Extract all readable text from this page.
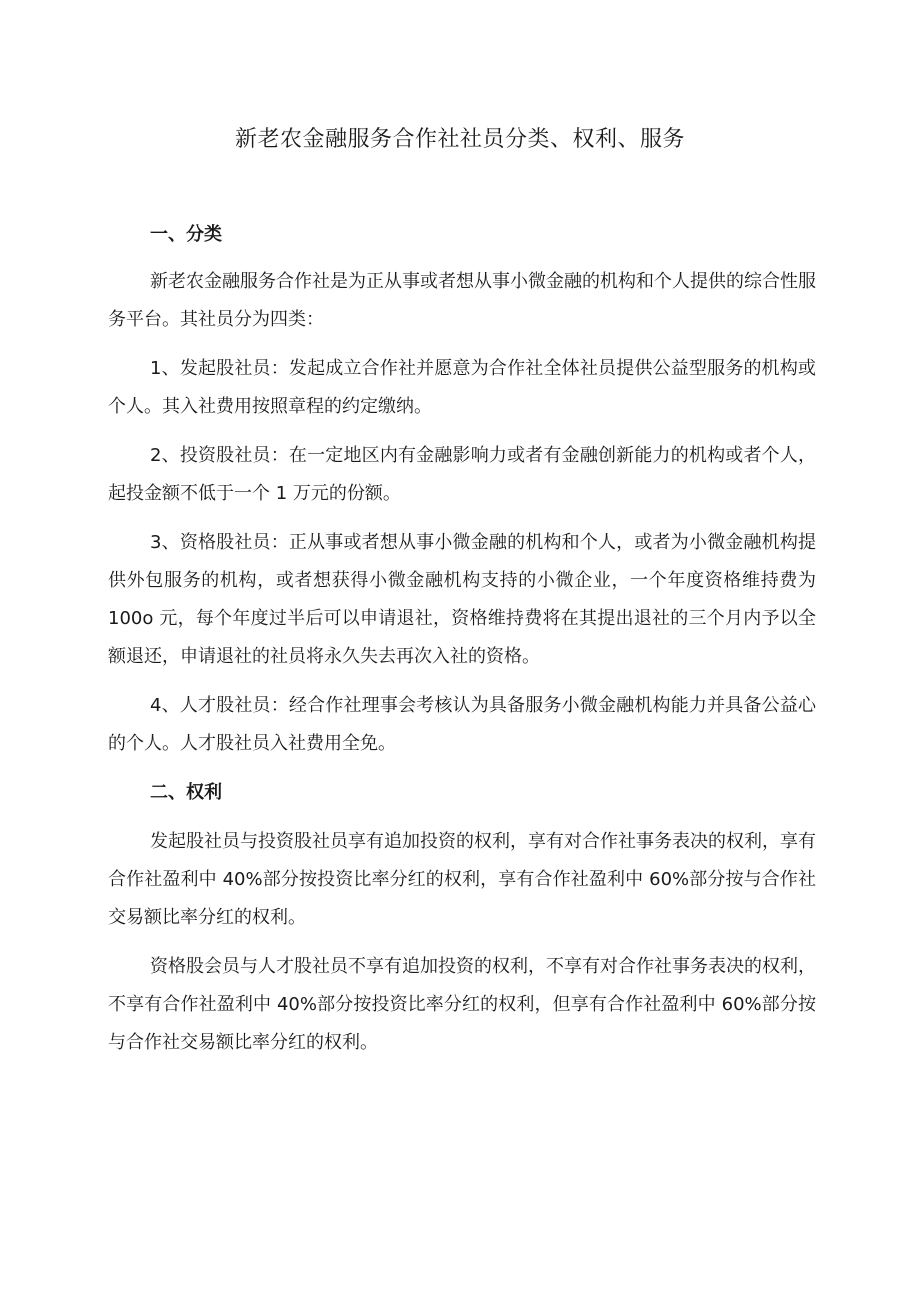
新老农金融服务合作社社员分类、权利、服务

一、分类

新老农金融服务合作社是为正从事或者想从事小微金融的机构和个人提供的综合性服务平台。其社员分为四类：

1、发起股社员：发起成立合作社并愿意为合作社全体社员提供公益型服务的机构或个人。其入社费用按照章程的约定缴纳。

2、投资股社员：在一定地区内有金融影响力或者有金融创新能力的机构或者个人，起投金额不低于一个 1 万元的份额。

3、资格股社员：正从事或者想从事小微金融的机构和个人，或者为小微金融机构提供外包服务的机构，或者想获得小微金融机构支持的小微企业，一个年度资格维持费为 100o 元，每个年度过半后可以申请退社，资格维持费将在其提出退社的三个月内予以全额退还，申请退社的社员将永久失去再次入社的资格。

4、人才股社员：经合作社理事会考核认为具备服务小微金融机构能力并具备公益心的个人。人才股社员入社费用全免。

二、权利

发起股社员与投资股社员享有追加投资的权利，享有对合作社事务表决的权利，享有合作社盈利中 40%部分按投资比率分红的权利，享有合作社盈利中 60%部分按与合作社交易额比率分红的权利。

资格股会员与人才股社员不享有追加投资的权利，不享有对合作社事务表决的权利，不享有合作社盈利中 40%部分按投资比率分红的权利，但享有合作社盈利中 60%部分按与合作社交易额比率分红的权利。
